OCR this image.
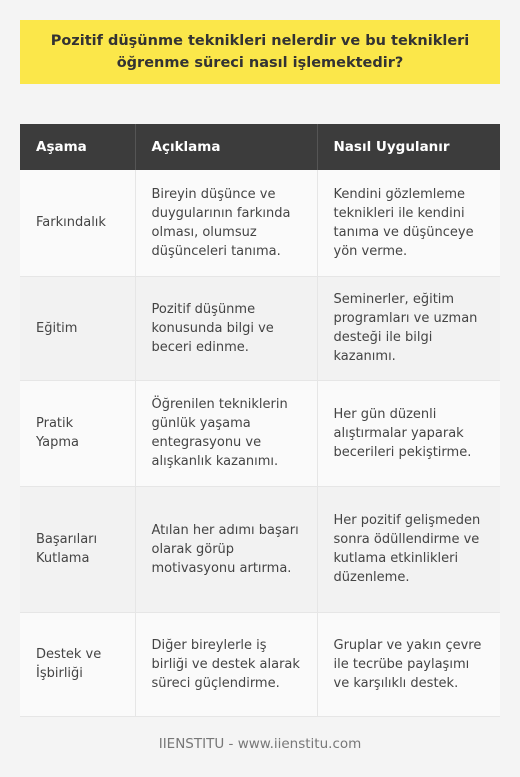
Pozitif düşünme teknikleri nelerdir ve bu teknikleri öğrenme süreci nasıl işlemektedir?
Aşama	Açıklama	Nasıl Uygulanır
Farkındalık	Bireyin düşünce ve duygularının farkında olması, olumsuz düşünceleri tanıma.	Kendini gözlemleme teknikleri ile kendini tanıma ve düşünceye yön verme.
Eğitim	Pozitif düşünme konusunda bilgi ve beceri edinme.	Seminerler, eğitim programları ve uzman desteği ile bilgi kazanımı.
Pratik Yapma	Öğrenilen tekniklerin günlük yaşama entegrasyonu ve alışkanlık kazanımı.	Her gün düzenli alıştırmalar yaparak becerileri pekiştirme.
Başarıları Kutlama	Atılan her adımı başarı olarak görüp motivasyonu artırma.	Her pozitif gelişmeden sonra ödüllendirme ve kutlama etkinlikleri düzenleme.
Destek ve İşbirliği	Diğer bireylerle iş birliği ve destek alarak süreci güçlendirme.	Gruplar ve yakın çevre ile tecrübe paylaşımı ve karşılıklı destek.
IIENSTITU - www.iienstitu.com
